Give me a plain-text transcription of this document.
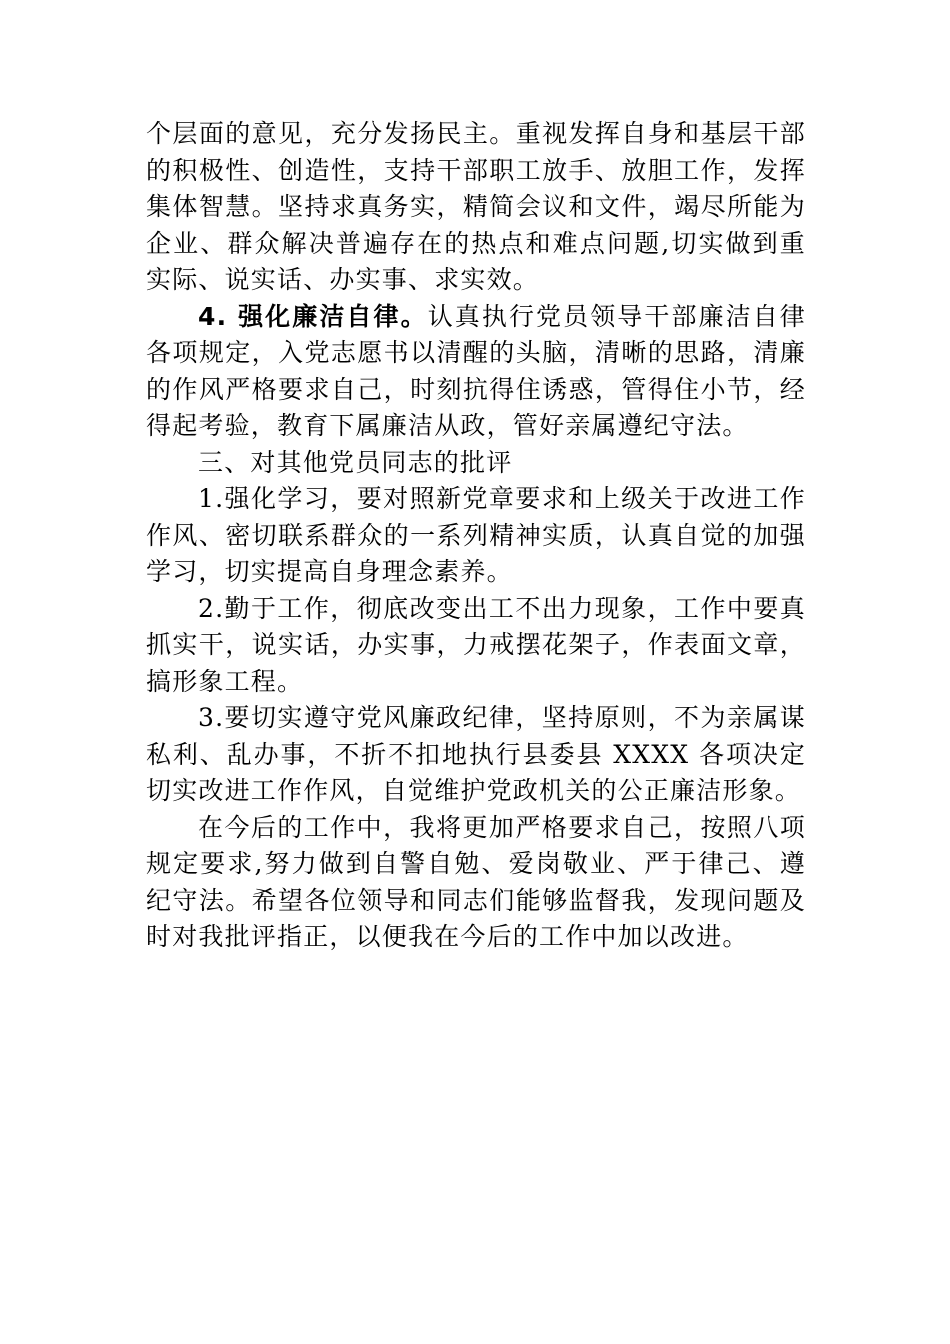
个层面的意见，充分发扬民主。重视发挥自身和基层干部的积极性、创造性，支持干部职工放手、放胆工作，发挥集体智慧。坚持求真务实，精简会议和文件，竭尽所能为企业、群众解决普遍存在的热点和难点问题,切实做到重实际、说实话、办实事、求实效。

4. 强化廉洁自律。认真执行党员领导干部廉洁自律各项规定，入党志愿书以清醒的头脑，清晰的思路，清廉的作风严格要求自己，时刻抗得住诱惑，管得住小节，经得起考验，教育下属廉洁从政，管好亲属遵纪守法。

三、对其他党员同志的批评

1.强化学习，要对照新党章要求和上级关于改进工作作风、密切联系群众的一系列精神实质，认真自觉的加强学习，切实提高自身理念素养。

2.勤于工作，彻底改变出工不出力现象，工作中要真抓实干，说实话，办实事，力戒摆花架子，作表面文章，搞形象工程。

3.要切实遵守党风廉政纪律，坚持原则，不为亲属谋私利、乱办事，不折不扣地执行县委县 XXXX 各项决定切实改进工作作风，自觉维护党政机关的公正廉洁形象。

在今后的工作中，我将更加严格要求自己，按照八项规定要求,努力做到自警自勉、爱岗敬业、严于律己、遵纪守法。希望各位领导和同志们能够监督我，发现问题及时对我批评指正，以便我在今后的工作中加以改进。
